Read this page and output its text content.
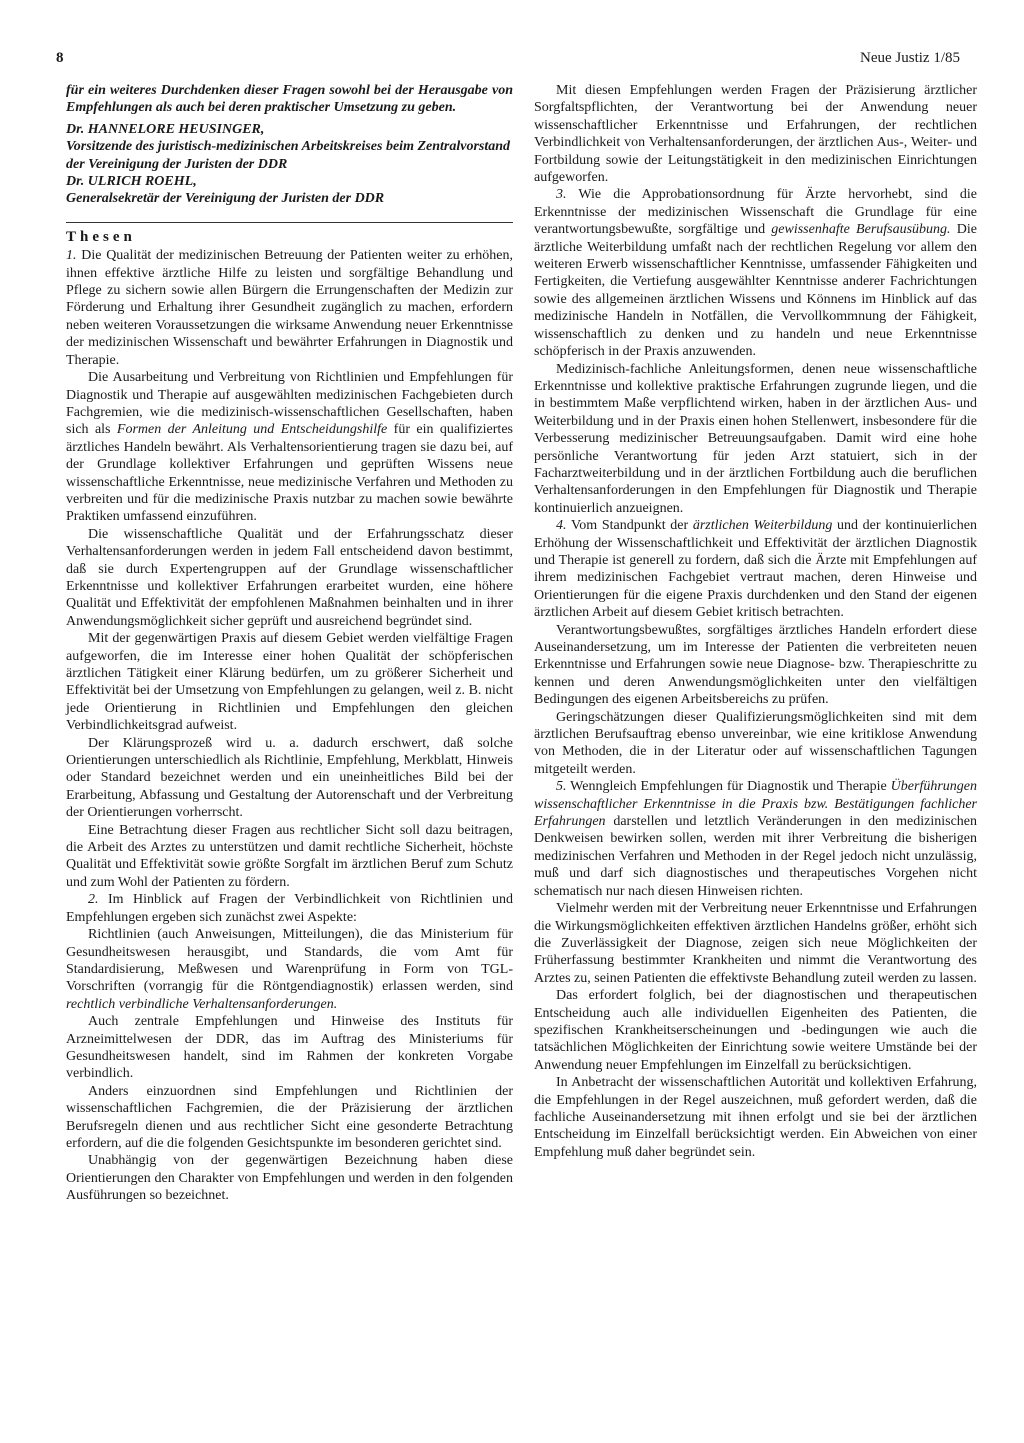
8	Neue Justiz 1/85

für ein weiteres Durchdenken dieser Fragen sowohl bei der Herausgabe von Empfehlungen als auch bei deren praktischer Umsetzung zu geben.

Dr. HANNELORE HEUSINGER,
Vorsitzende des juristisch-medizinischen Arbeitskreises beim Zentralvorstand der Vereinigung der Juristen der DDR
Dr. ULRICH ROEHL,
Generalsekretär der Vereinigung der Juristen der DDR
Thesen

1. Die Qualität der medizinischen Betreuung der Patienten weiter zu erhöhen, ihnen effektive ärztliche Hilfe zu leisten und sorgfältige Behandlung und Pflege zu sichern sowie allen Bürgern die Errungenschaften der Medizin zur Förderung und Erhaltung ihrer Gesundheit zugänglich zu machen, erfordern neben weiteren Voraussetzungen die wirksame Anwendung neuer Erkenntnisse der medizinischen Wissenschaft und bewährter Erfahrungen in Diagnostik und Therapie.

Die Ausarbeitung und Verbreitung von Richtlinien und Empfehlungen für Diagnostik und Therapie auf ausgewählten medizinischen Fachgebieten durch Fachgremien, wie die medizinisch-wissenschaftlichen Gesellschaften, haben sich als Formen der Anleitung und Entscheidungshilfe für ein qualifiziertes ärztliches Handeln bewährt. Als Verhaltensorientierung tragen sie dazu bei, auf der Grundlage kollektiver Erfahrungen und geprüften Wissens neue wissenschaftliche Erkenntnisse, neue medizinische Verfahren und Methoden zu verbreiten und für die medizinische Praxis nutzbar zu machen sowie bewährte Praktiken umfassend einzuführen.

Die wissenschaftliche Qualität und der Erfahrungsschatz dieser Verhaltensanforderungen werden in jedem Fall entscheidend davon bestimmt, daß sie durch Expertengruppen auf der Grundlage wissenschaftlicher Erkenntnisse und kollektiver Erfahrungen erarbeitet wurden, eine höhere Qualität und Effektivität der empfohlenen Maßnahmen beinhalten und in ihrer Anwendungsmöglichkeit sicher geprüft und ausreichend begründet sind.

Mit der gegenwärtigen Praxis auf diesem Gebiet werden vielfältige Fragen aufgeworfen, die im Interesse einer hohen Qualität der schöpferischen ärztlichen Tätigkeit einer Klärung bedürfen, um zu größerer Sicherheit und Effektivität bei der Umsetzung von Empfehlungen zu gelangen, weil z. B. nicht jede Orientierung in Richtlinien und Empfehlungen den gleichen Verbindlichkeitsgrad aufweist.

Der Klärungsprozeß wird u. a. dadurch erschwert, daß solche Orientierungen unterschiedlich als Richtlinie, Empfehlung, Merkblatt, Hinweis oder Standard bezeichnet werden und ein uneinheitliches Bild bei der Erarbeitung, Abfassung und Gestaltung der Autorenschaft und der Verbreitung der Orientierungen vorherrscht.

Eine Betrachtung dieser Fragen aus rechtlicher Sicht soll dazu beitragen, die Arbeit des Arztes zu unterstützen und damit rechtliche Sicherheit, höchste Qualität und Effektivität sowie größte Sorgfalt im ärztlichen Beruf zum Schutz und zum Wohl der Patienten zu fördern.

2. Im Hinblick auf Fragen der Verbindlichkeit von Richtlinien und Empfehlungen ergeben sich zunächst zwei Aspekte:

Richtlinien (auch Anweisungen, Mitteilungen), die das Ministerium für Gesundheitswesen herausgibt, und Standards, die vom Amt für Standardisierung, Meßwesen und Warenprüfung in Form von TGL-Vorschriften (vorrangig für die Röntgendiagnostik) erlassen werden, sind rechtlich verbindliche Verhaltensanforderungen.

Auch zentrale Empfehlungen und Hinweise des Instituts für Arzneimittelwesen der DDR, das im Auftrag des Ministeriums für Gesundheitswesen handelt, sind im Rahmen der konkreten Vorgabe verbindlich.

Anders einzuordnen sind Empfehlungen und Richtlinien der wissenschaftlichen Fachgremien, die der Präzisierung der ärztlichen Berufsregeln dienen und aus rechtlicher Sicht eine gesonderte Betrachtung erfordern, auf die die folgenden Gesichtspunkte im besonderen gerichtet sind.

Unabhängig von der gegenwärtigen Bezeichnung haben diese Orientierungen den Charakter von Empfehlungen und werden in den folgenden Ausführungen so bezeichnet.

Mit diesen Empfehlungen werden Fragen der Präzisierung ärztlicher Sorgfaltspflichten, der Verantwortung bei der Anwendung neuer wissenschaftlicher Erkenntnisse und Erfahrungen, der rechtlichen Verbindlichkeit von Verhaltensanforderungen, der ärztlichen Aus-, Weiter- und Fortbildung sowie der Leitungstätigkeit in den medizinischen Einrichtungen aufgeworfen.

3. Wie die Approbationsordnung für Ärzte hervorhebt, sind die Erkenntnisse der medizinischen Wissenschaft die Grundlage für eine verantwortungsbewußte, sorgfältige und gewissenhafte Berufsausübung. Die ärztliche Weiterbildung umfaßt nach der rechtlichen Regelung vor allem den weiteren Erwerb wissenschaftlicher Kenntnisse, umfassender Fähigkeiten und Fertigkeiten, die Vertiefung ausgewählter Kenntnisse anderer Fachrichtungen sowie des allgemeinen ärztlichen Wissens und Könnens im Hinblick auf das medizinische Handeln in Notfällen, die Vervollkommnung der Fähigkeit, wissenschaftlich zu denken und zu handeln und neue Erkenntnisse schöpferisch in der Praxis anzuwenden.

Medizinisch-fachliche Anleitungsformen, denen neue wissenschaftliche Erkenntnisse und kollektive praktische Erfahrungen zugrunde liegen, und die in bestimmtem Maße verpflichtend wirken, haben in der ärztlichen Aus- und Weiterbildung und in der Praxis einen hohen Stellenwert, insbesondere für die Verbesserung medizinischer Betreuungsaufgaben. Damit wird eine hohe persönliche Verantwortung für jeden Arzt statuiert, sich in der Facharztweiterbildung und in der ärztlichen Fortbildung auch die beruflichen Verhaltensanforderungen in den Empfehlungen für Diagnostik und Therapie kontinuierlich anzueignen.

4. Vom Standpunkt der ärztlichen Weiterbildung und der kontinuierlichen Erhöhung der Wissenschaftlichkeit und Effektivität der ärztlichen Diagnostik und Therapie ist generell zu fordern, daß sich die Ärzte mit Empfehlungen auf ihrem medizinischen Fachgebiet vertraut machen, deren Hinweise und Orientierungen für die eigene Praxis durchdenken und den Stand der eigenen ärztlichen Arbeit auf diesem Gebiet kritisch betrachten.

Verantwortungsbewußtes, sorgfältiges ärztliches Handeln erfordert diese Auseinandersetzung, um im Interesse der Patienten die verbreiteten neuen Erkenntnisse und Erfahrungen sowie neue Diagnose- bzw. Therapieschritte zu kennen und deren Anwendungsmöglichkeiten unter den vielfältigen Bedingungen des eigenen Arbeitsbereichs zu prüfen.

Geringschätzungen dieser Qualifizierungsmöglichkeiten sind mit dem ärztlichen Berufsauftrag ebenso unvereinbar, wie eine kritiklose Anwendung von Methoden, die in der Literatur oder auf wissenschaftlichen Tagungen mitgeteilt werden.

5. Wenngleich Empfehlungen für Diagnostik und Therapie Überführungen wissenschaftlicher Erkenntnisse in die Praxis bzw. Bestätigungen fachlicher Erfahrungen darstellen und letztlich Veränderungen in den medizinischen Denkweisen bewirken sollen, werden mit ihrer Verbreitung die bisherigen medizinischen Verfahren und Methoden in der Regel jedoch nicht unzulässig, muß und darf sich diagnostisches und therapeutisches Vorgehen nicht schematisch nur nach diesen Hinweisen richten.

Vielmehr werden mit der Verbreitung neuer Erkenntnisse und Erfahrungen die Wirkungsmöglichkeiten effektiven ärztlichen Handelns größer, erhöht sich die Zuverlässigkeit der Diagnose, zeigen sich neue Möglichkeiten der Früherfassung bestimmter Krankheiten und nimmt die Verantwortung des Arztes zu, seinen Patienten die effektivste Behandlung zuteil werden zu lassen.

Das erfordert folglich, bei der diagnostischen und therapeutischen Entscheidung auch alle individuellen Eigenheiten des Patienten, die spezifischen Krankheitserscheinungen und -bedingungen wie auch die tatsächlichen Möglichkeiten der Einrichtung sowie weitere Umstände bei der Anwendung neuer Empfehlungen im Einzelfall zu berücksichtigen.

In Anbetracht der wissenschaftlichen Autorität und kollektiven Erfahrung, die Empfehlungen in der Regel auszeichnen, muß gefordert werden, daß die fachliche Auseinandersetzung mit ihnen erfolgt und sie bei der ärztlichen Entscheidung im Einzelfall berücksichtigt werden. Ein Abweichen von einer Empfehlung muß daher begründet sein.
